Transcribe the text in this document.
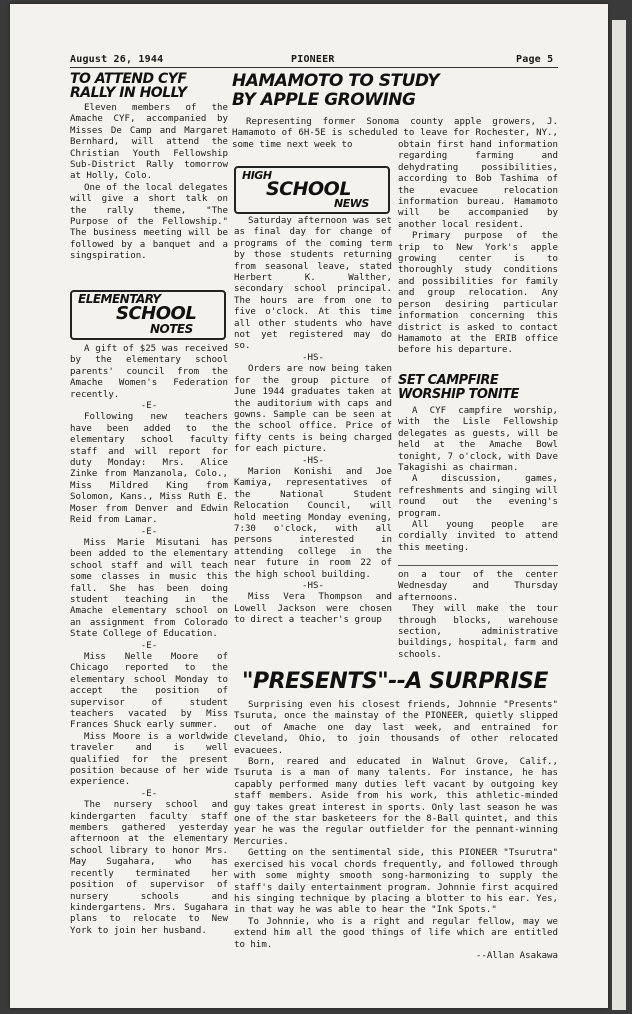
August 26, 1944	PIONEER	Page 5
TO ATTEND CYF
RALLY IN HOLLY

Eleven members of the Amache CYF, accompanied by Misses De Camp and Margaret Bernhard, will attend the Christian Youth Fellowship Sub-District Rally tomorrow at Holly, Colo.

One of the local delegates will give a short talk on the rally theme, "The Purpose of the Fellowship." The business meeting will be followed by a banquet and a singspiration.

ELEMENTARY
SCHOOL
NOTES

A gift of $25 was received by the elementary school parents' council from the Amache Women's Federation recently.

-E-

Following new teachers have been added to the elementary school faculty staff and will report for duty Monday: Mrs. Alice Zinke from Manzanola, Colo., Miss Mildred King from Solomon, Kans., Miss Ruth E. Moser from Denver and Edwin Reid from Lamar.

-E-

Miss Marie Misutani has been added to the elementary school staff and will teach some classes in music this fall. She has been doing student teaching in the Amache elementary school on an assignment from Colorado State College of Education.

-E-

Miss Nelle Moore of Chicago reported to the elementary school Monday to accept the position of supervisor of student teachers vacated by Miss Frances Shuck early summer.

Miss Moore is a worldwide traveler and is well qualified for the present position because of her wide experience.

-E-

The nursery school and kindergarten faculty staff members gathered yesterday afternoon at the elementary school library to honor Mrs. May Sugahara, who has recently terminated her position of supervisor of nursery schools and kindergartens. Mrs. Sugahara plans to relocate to New York to join her husband.

HAMAMOTO TO STUDY
BY APPLE GROWING

Representing former Sonoma county apple growers, J. Hamamoto of 6H-5E is scheduled to leave for Rochester, NY., some time next week to

HIGH
SCHOOL
NEWS

Saturday afternoon was set as final day for change of programs of the coming term by those students returning from seasonal leave, stated Herbert K. Walther, secondary school principal. The hours are from one to five o'clock. At this time all other students who have not yet registered may do so.

-HS-

Orders are now being taken for the group picture of June 1944 graduates taken at the auditorium with caps and gowns. Sample can be seen at the school office. Price of fifty cents is being charged for each picture.

-HS-

Marion Konishi and Joe Kamiya, representatives of the National Student Relocation Council, will hold meeting Monday evening, 7:30 o'clock, with all persons interested in attending college in the near future in room 22 of the high school building.

-HS-

Miss Vera Thompson and Lowell Jackson were chosen to direct a teacher's group

obtain first hand information regarding farming and dehydrating possibilities, according to Bob Tashima of the evacuee relocation information bureau. Hamamoto will be accompanied by another local resident.

Primary purpose of the trip to New York's apple growing center is to thoroughly study conditions and possibilities for family and group relocation. Any person desiring particular information concerning this district is asked to contact Hamamoto at the ERIB office before his departure.

SET CAMPFIRE
WORSHIP TONITE

A CYF campfire worship, with the Lisle Fellowship delegates as guests, will be held at the Amache Bowl tonight, 7 o'clock, with Dave Takagishi as chairman.

A discussion, games, refreshments and singing will round out the evening's program.

All young people are cordially invited to attend this meeting.

on a tour of the center Wednesday and Thursday afternoons.

They will make the tour through blocks, warehouse section, administrative buildings, hospital, farm and schools.

"PRESENTS"--A SURPRISE

Surprising even his closest friends, Johnnie "Presents" Tsuruta, once the mainstay of the PIONEER, quietly slipped out of Amache one day last week, and entrained for Cleveland, Ohio, to join thousands of other relocated evacuees.

Born, reared and educated in Walnut Grove, Calif., Tsuruta is a man of many talents. For instance, he has capably performed many duties left vacant by outgoing key staff members. Aside from his work, this athletic-minded guy takes great interest in sports. Only last season he was one of the star basketeers for the 8-Ball quintet, and this year he was the regular outfielder for the pennant-winning Mercuries.

Getting on the sentimental side, this PIONEER "Tsurutra" exercised his vocal chords frequently, and followed through with some mighty smooth song-harmonizing to supply the staff's daily entertainment program. Johnnie first acquired his singing technique by placing a blotter to his ear. Yes, in that way he was able to hear the "Ink Spots."

To Johnnie, who is a right and regular fellow, may we extend him all the good things of life which are entitled to him.

--Allan Asakawa
